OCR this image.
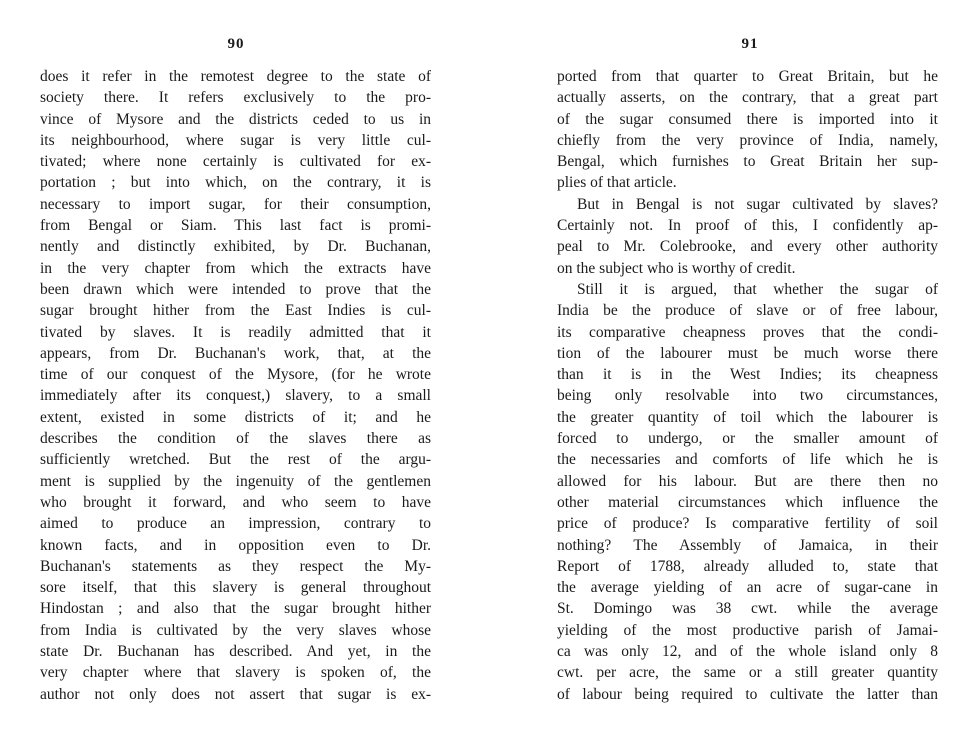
90
does it refer in the remotest degree to the state of
society there. It refers exclusively to the pro-
vince of Mysore and the districts ceded to us in
its neighbourhood, where sugar is very little cul-
tivated; where none certainly is cultivated for ex-
portation ; but into which, on the contrary, it is
necessary to import sugar, for their consumption,
from Bengal or Siam. This last fact is promi-
nently and distinctly exhibited, by Dr. Buchanan,
in the very chapter from which the extracts have
been drawn which were intended to prove that the
sugar brought hither from the East Indies is cul-
tivated by slaves. It is readily admitted that it
appears, from Dr. Buchanan's work, that, at the
time of our conquest of the Mysore, (for he wrote
immediately after its conquest,) slavery, to a small
extent, existed in some districts of it; and he
describes the condition of the slaves there as
sufficiently wretched. But the rest of the argu-
ment is supplied by the ingenuity of the gentlemen
who brought it forward, and who seem to have
aimed to produce an impression, contrary to
known facts, and in opposition even to Dr.
Buchanan's statements as they respect the My-
sore itself, that this slavery is general throughout
Hindostan ; and also that the sugar brought hither
from India is cultivated by the very slaves whose
state Dr. Buchanan has described. And yet, in the
very chapter where that slavery is spoken of, the
author not only does not assert that sugar is ex-
91
ported from that quarter to Great Britain, but he
actually asserts, on the contrary, that a great part
of the sugar consumed there is imported into it
chiefly from the very province of India, namely,
Bengal, which furnishes to Great Britain her sup-
plies of that article.
But in Bengal is not sugar cultivated by slaves?
Certainly not. In proof of this, I confidently ap-
peal to Mr. Colebrooke, and every other authority
on the subject who is worthy of credit.
Still it is argued, that whether the sugar of
India be the produce of slave or of free labour,
its comparative cheapness proves that the condi-
tion of the labourer must be much worse there
than it is in the West Indies; its cheapness
being only resolvable into two circumstances,
the greater quantity of toil which the labourer is
forced to undergo, or the smaller amount of
the necessaries and comforts of life which he is
allowed for his labour. But are there then no
other material circumstances which influence the
price of produce? Is comparative fertility of soil
nothing? The Assembly of Jamaica, in their
Report of 1788, already alluded to, state that
the average yielding of an acre of sugar-cane in
St. Domingo was 38 cwt. while the average
yielding of the most productive parish of Jamai-
ca was only 12, and of the whole island only 8
cwt. per acre, the same or a still greater quantity
of labour being required to cultivate the latter than
